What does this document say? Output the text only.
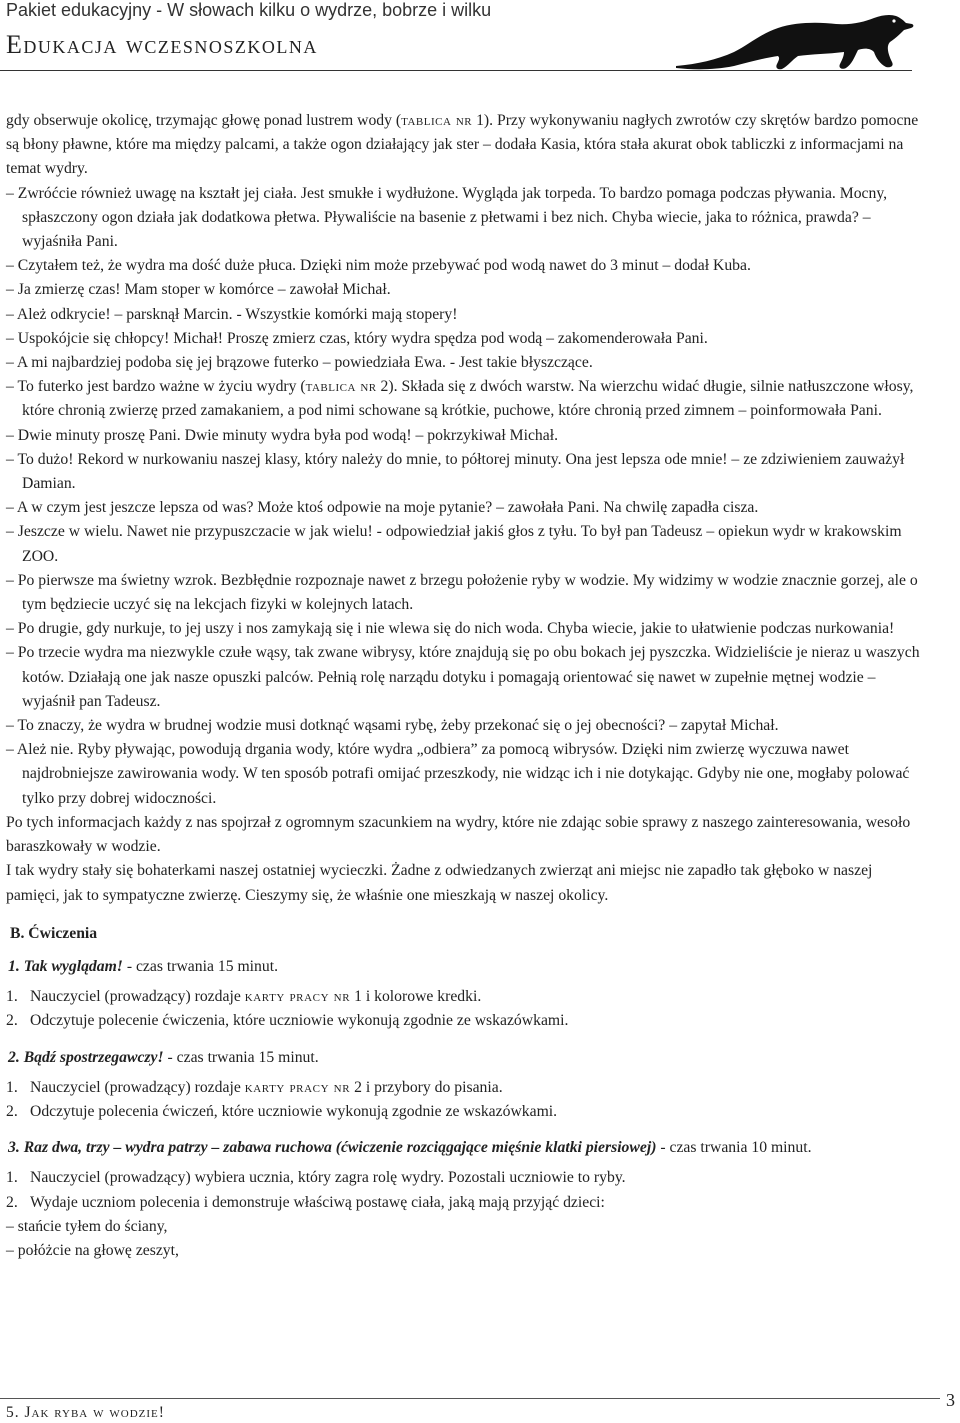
Pakiet edukacyjny - W słowach kilku o wydrze, bobrze i wilku
Edukacja wczesnoszkolna

gdy obserwuje okolicę, trzymając głowę ponad lustrem wody (tablica nr 1). Przy wykonywaniu nagłych zwrotów czy skrętów bardzo pomocne są błony pławne, które ma między palcami, a także ogon działający jak ster – dodała Kasia, która stała akurat obok tabliczki z informacjami na temat wydry.

– Zwróćcie również uwagę na kształt jej ciała. Jest smukłe i wydłużone. Wygląda jak torpeda. To bardzo pomaga podczas pływania. Mocny, spłaszczony ogon działa jak dodatkowa płetwa. Pływaliście na basenie z płetwami i bez nich. Chyba wiecie, jaka to różnica, prawda? – wyjaśniła Pani.

– Czytałem też, że wydra ma dość duże płuca. Dzięki nim może przebywać pod wodą nawet do 3 minut – dodał Kuba.

– Ja zmierzę czas! Mam stoper w komórce – zawołał Michał.

– Ależ odkrycie! – parsknął Marcin. - Wszystkie komórki mają stopery!

– Uspokójcie się chłopcy! Michał! Proszę zmierz czas, który wydra spędza pod wodą – zakomenderowała Pani.

– A mi najbardziej podoba się jej brązowe futerko – powiedziała Ewa. - Jest takie błyszczące.

– To futerko jest bardzo ważne w życiu wydry (tablica nr 2). Składa się z dwóch warstw. Na wierzchu widać długie, silnie natłuszczone włosy, które chronią zwierzę przed zamakaniem, a pod nimi schowane są krótkie, puchowe, które chronią przed zimnem – poinformowała Pani.

– Dwie minuty proszę Pani. Dwie minuty wydra była pod wodą! – pokrzykiwał Michał.

– To dużo! Rekord w nurkowaniu naszej klasy, który należy do mnie, to półtorej minuty. Ona jest lepsza ode mnie! – ze zdziwieniem zauważył Damian.

– A w czym jest jeszcze lepsza od was? Może ktoś odpowie na moje pytanie? – zawołała Pani. Na chwilę zapadła cisza.

– Jeszcze w wielu. Nawet nie przypuszczacie w jak wielu! - odpowiedział jakiś głos z tyłu. To był pan Tadeusz – opiekun wydr w krakowskim ZOO.

– Po pierwsze ma świetny wzrok. Bezbłędnie rozpoznaje nawet z brzegu położenie ryby w wodzie. My widzimy w wodzie znacznie gorzej, ale o tym będziecie uczyć się na lekcjach fizyki w kolejnych latach.

– Po drugie, gdy nurkuje, to jej uszy i nos zamykają się i nie wlewa się do nich woda. Chyba wiecie, jakie to ułatwienie podczas nurkowania!

– Po trzecie wydra ma niezwykle czułe wąsy, tak zwane wibrysy, które znajdują się po obu bokach jej pyszczka. Widzieliście je nieraz u waszych kotów. Działają one jak nasze opuszki palców. Pełnią rolę narządu dotyku i pomagają orientować się nawet w zupełnie mętnej wodzie – wyjaśnił pan Tadeusz.

– To znaczy, że wydra w brudnej wodzie musi dotknąć wąsami rybę, żeby przekonać się o jej obecności? – zapytał Michał.

– Ależ nie. Ryby pływając, powodują drgania wody, które wydra „odbiera” za pomocą wibrysów. Dzięki nim zwierzę wyczuwa nawet najdrobniejsze zawirowania wody. W ten sposób potrafi omijać przeszkody, nie widząc ich i nie dotykając. Gdyby nie one, mogłaby polować tylko przy dobrej widoczności.

Po tych informacjach każdy z nas spojrzał z ogromnym szacunkiem na wydry, które nie zdając sobie sprawy z naszego zainteresowania, wesoło baraszkowały w wodzie.

I tak wydry stały się bohaterkami naszej ostatniej wycieczki. Żadne z odwiedzanych zwierząt ani miejsc nie zapadło tak głęboko w naszej pamięci, jak to sympatyczne zwierzę. Cieszymy się, że właśnie one mieszkają w naszej okolicy.

B. Ćwiczenia

1. Tak wyglądam! - czas trwania 15 minut.

1. Nauczyciel (prowadzący) rozdaje karty pracy nr 1 i kolorowe kredki.

2. Odczytuje polecenie ćwiczenia, które uczniowie wykonują zgodnie ze wskazówkami.

2. Bądź spostrzegawczy! - czas trwania 15 minut.

1. Nauczyciel (prowadzący) rozdaje karty pracy nr 2 i przybory do pisania.

2. Odczytuje polecenia ćwiczeń, które uczniowie wykonują zgodnie ze wskazówkami.

3. Raz dwa, trzy – wydra patrzy – zabawa ruchowa (ćwiczenie rozciągające mięśnie klatki piersiowej) - czas trwania 10 minut.

1. Nauczyciel (prowadzący) wybiera ucznia, który zagra rolę wydry. Pozostali uczniowie to ryby.

2. Wydaje uczniom polecenia i demonstruje właściwą postawę ciała, jaką mają przyjąć dzieci:

– stańcie tyłem do ściany,

– połóżcie na głowę zeszyt,

5. Jak ryba w wodzie!
3
